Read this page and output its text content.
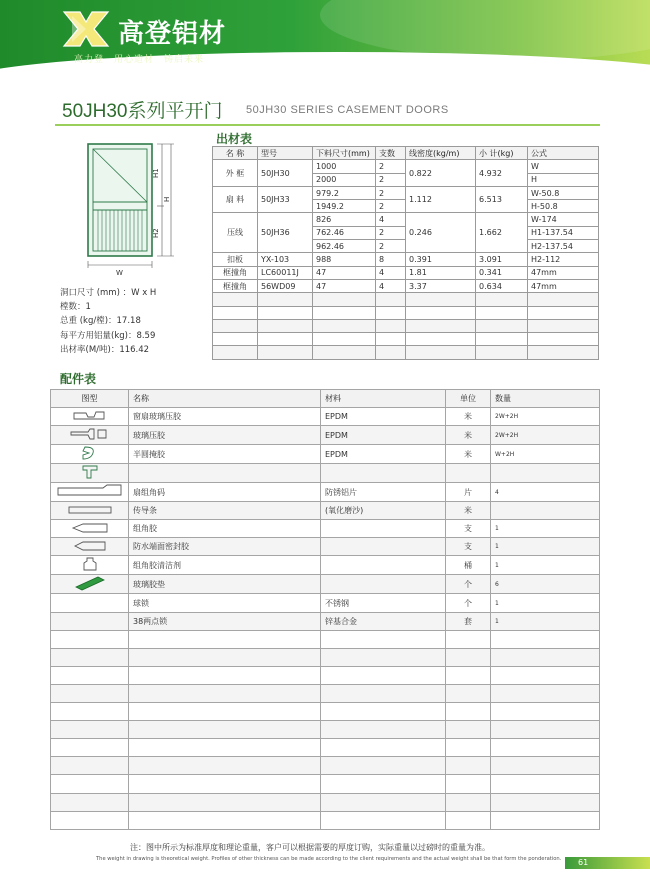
高登铝材
高力登　用心造材　铸启未来
50JH30系列平开门 50JH30 SERIES CASEMENT DOORS
H1
H
H2
W
洞口尺寸 (mm) ：W x H
樘数：1
总重 (kg/樘)：17.18
每平方用铝量(kg)：8.59
出材率(M/吨)：116.42
出材表
名 称	型号	下料尺寸(mm)	支数	线密度(kg/m)	小 计(kg)	公式
外 框	50JH30	1000	2	0.822	4.932	W
		2000	2			H
扇 料	50JH33	979.2	2	1.112	6.513	W-50.8
		1949.2	2			H-50.8
压线	50JH36	826	4	0.246	1.662	W-174
		762.46	2			H1-137.54
		962.46	2			H2-137.54
扣板	YX-103	988	8	0.391	3.091	H2-112
框撞角	LC60011J	47	4	1.81	0.341	47mm
框撞角	56WD09	47	4	3.37	0.634	47mm

配件表
图型	名称	材料	单位	数量
	窗扇玻璃压胶	EPDM	米	2W+2H
	玻璃压胶	EPDM	米	2W+2H
	半圆掩胶	EPDM	米	W+2H

	扇组角码	防锈铝片	片	4
	传导条	(氧化磨沙)	米	
	组角胶		支	1
	防水端面密封胶		支	1
	组角胶清洁剂		桶	1
	玻璃胶垫		个	6
	球锁	不锈钢	个	1
	38两点锁	锌基合金	套	1

注：图中所示为标准厚度和理论重量，客户可以根据需要的厚度订购，实际重量以过磅时的重量为准。
The weight in drawing is theoretical weight. Profiles of other thickness can be made according to the client requirements and the actual weight shall be that form the ponderation. 61
